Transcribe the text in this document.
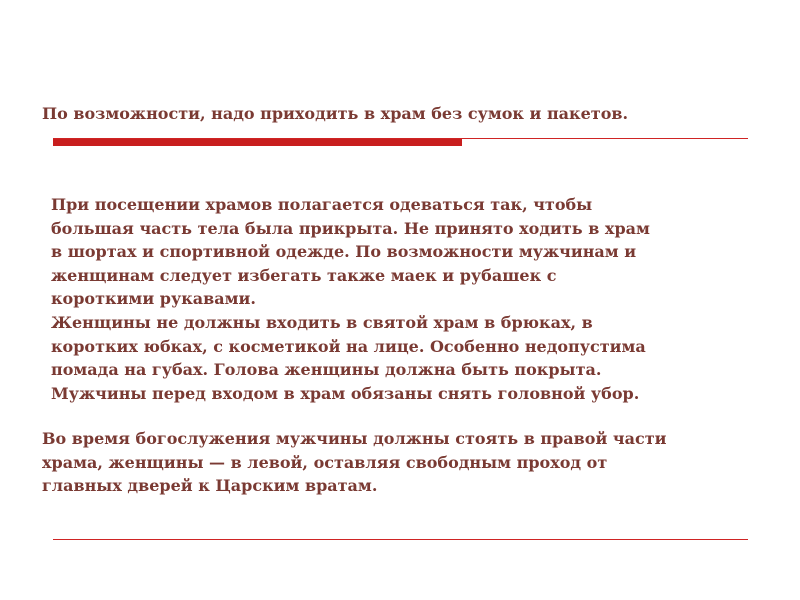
По возможности, надо приходить в храм без сумок и пакетов.
При посещении храмов полагается одеваться так, чтобы
большая часть тела была прикрыта. Не принято ходить в храм
в шортах и спортивной одежде. По возможности мужчинам и
женщинам следует избегать также маек и рубашек с
короткими рукавами.
Женщины не должны входить в святой храм в брюках, в
коротких юбках, с косметикой на лице. Особенно недопустима
помада на губах. Голова женщины должна быть покрыта.
Мужчины перед входом в храм обязаны снять головной убор.
Во время богослужения мужчины должны стоять в правой части
храма, женщины — в левой, оставляя свободным проход от
главных дверей к Царским вратам.
